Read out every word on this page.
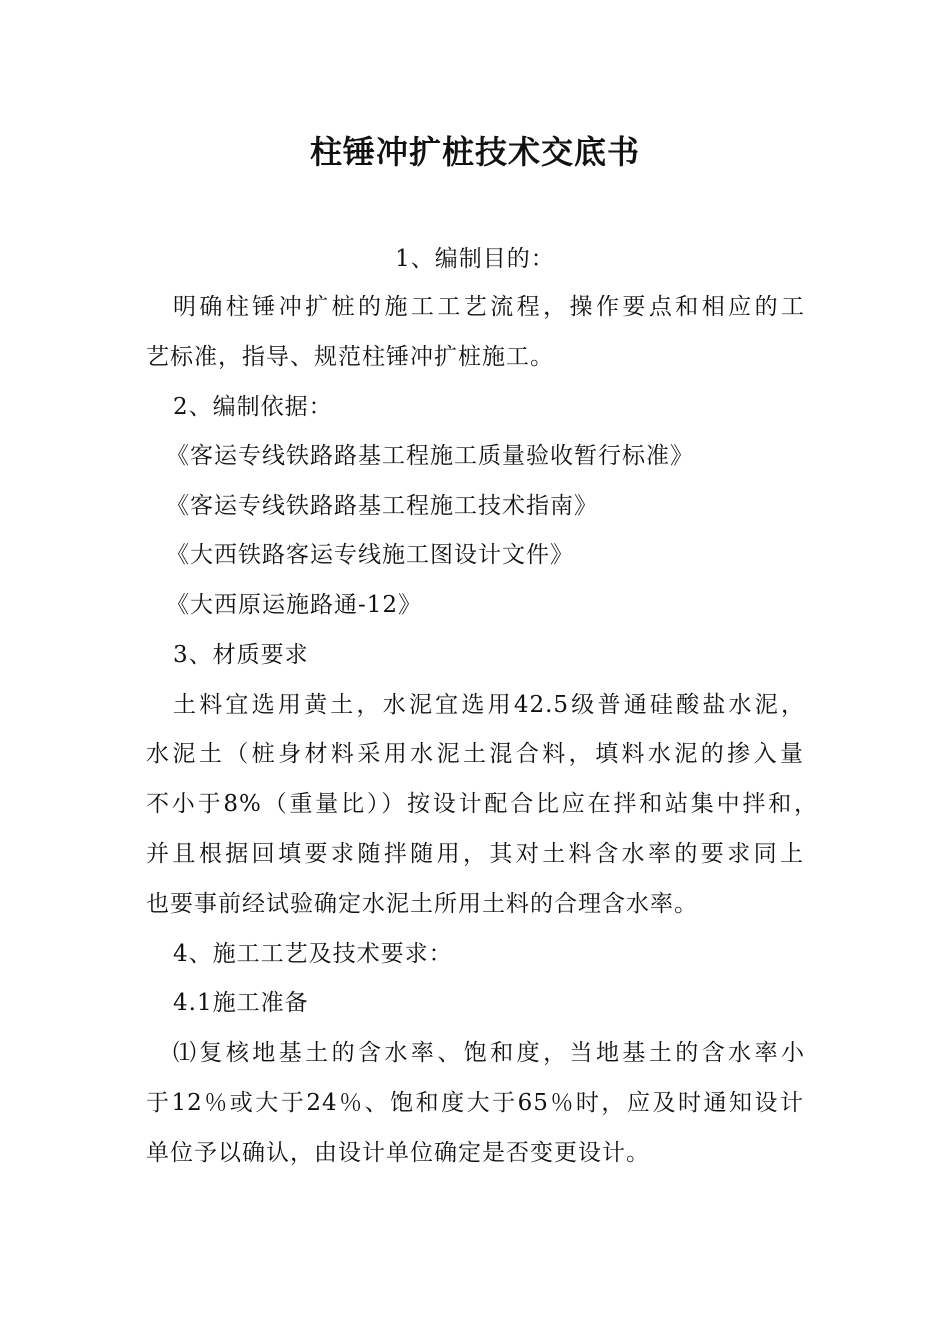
柱锤冲扩桩技术交底书

1、编制目的：

明确柱锤冲扩桩的施工工艺流程，操作要点和相应的工

艺标准，指导、规范柱锤冲扩桩施工。

2、编制依据：

《客运专线铁路路基工程施工质量验收暂行标准》

《客运专线铁路路基工程施工技术指南》

《大西铁路客运专线施工图设计文件》

《大西原运施路通-12》

3、材质要求

土料宜选用黄土，水泥宜选用42.5级普通硅酸盐水泥，

水泥土（桩身材料采用水泥土混合料，填料水泥的掺入量

不小于8%（重量比））按设计配合比应在拌和站集中拌和，

并且根据回填要求随拌随用，其对土料含水率的要求同上

也要事前经试验确定水泥土所用土料的合理含水率。

4、施工工艺及技术要求：

4.1施工准备

⑴复核地基土的含水率、饱和度，当地基土的含水率小

于12％或大于24％、饱和度大于65％时，应及时通知设计

单位予以确认，由设计单位确定是否变更设计。
